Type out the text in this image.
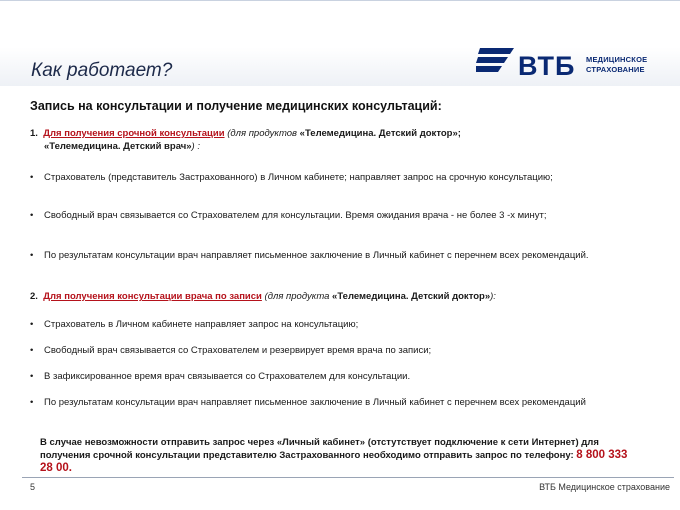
Как работает?	ВТБ МЕДИЦИНСКОЕ
СТРАХОВАНИЕ

Запись на консультации и получение медицинских консультаций:

1. Для получения срочной консультации (для продуктов «Телемедицина. Детский доктор»;
«Телемедицина. Детский врач») :
•	Страхователь (представитель Застрахованного) в Личном кабинете; направляет запрос на срочную консультацию;
•	Свободный врач связывается со Страхователем для консультации. Время ожидания врача - не более 3 -х минут;
•	По результатам консультации врач направляет письменное заключение в Личный кабинет с перечнем всех рекомендаций.
2. Для получения консультации врача по записи (для продукта «Телемедицина. Детский доктор»):
•	Страхователь в Личном кабинете направляет запрос на консультацию;
•	Свободный врач связывается со Страхователем и резервирует время врача по записи;
•	В зафиксированное время врач связывается со Страхователем для консультации.
•	По результатам консультации врач направляет письменное заключение в Личный кабинет с перечнем всех рекомендаций
В случае невозможности отправить запрос через «Личный кабинет» (отстутствует подключение к сети Интернет) для получения срочной консультации представителю Застрахованного необходимо отправить запрос по телефону: 8 800 333 28 00.
5	ВТБ Медицинское страхование
